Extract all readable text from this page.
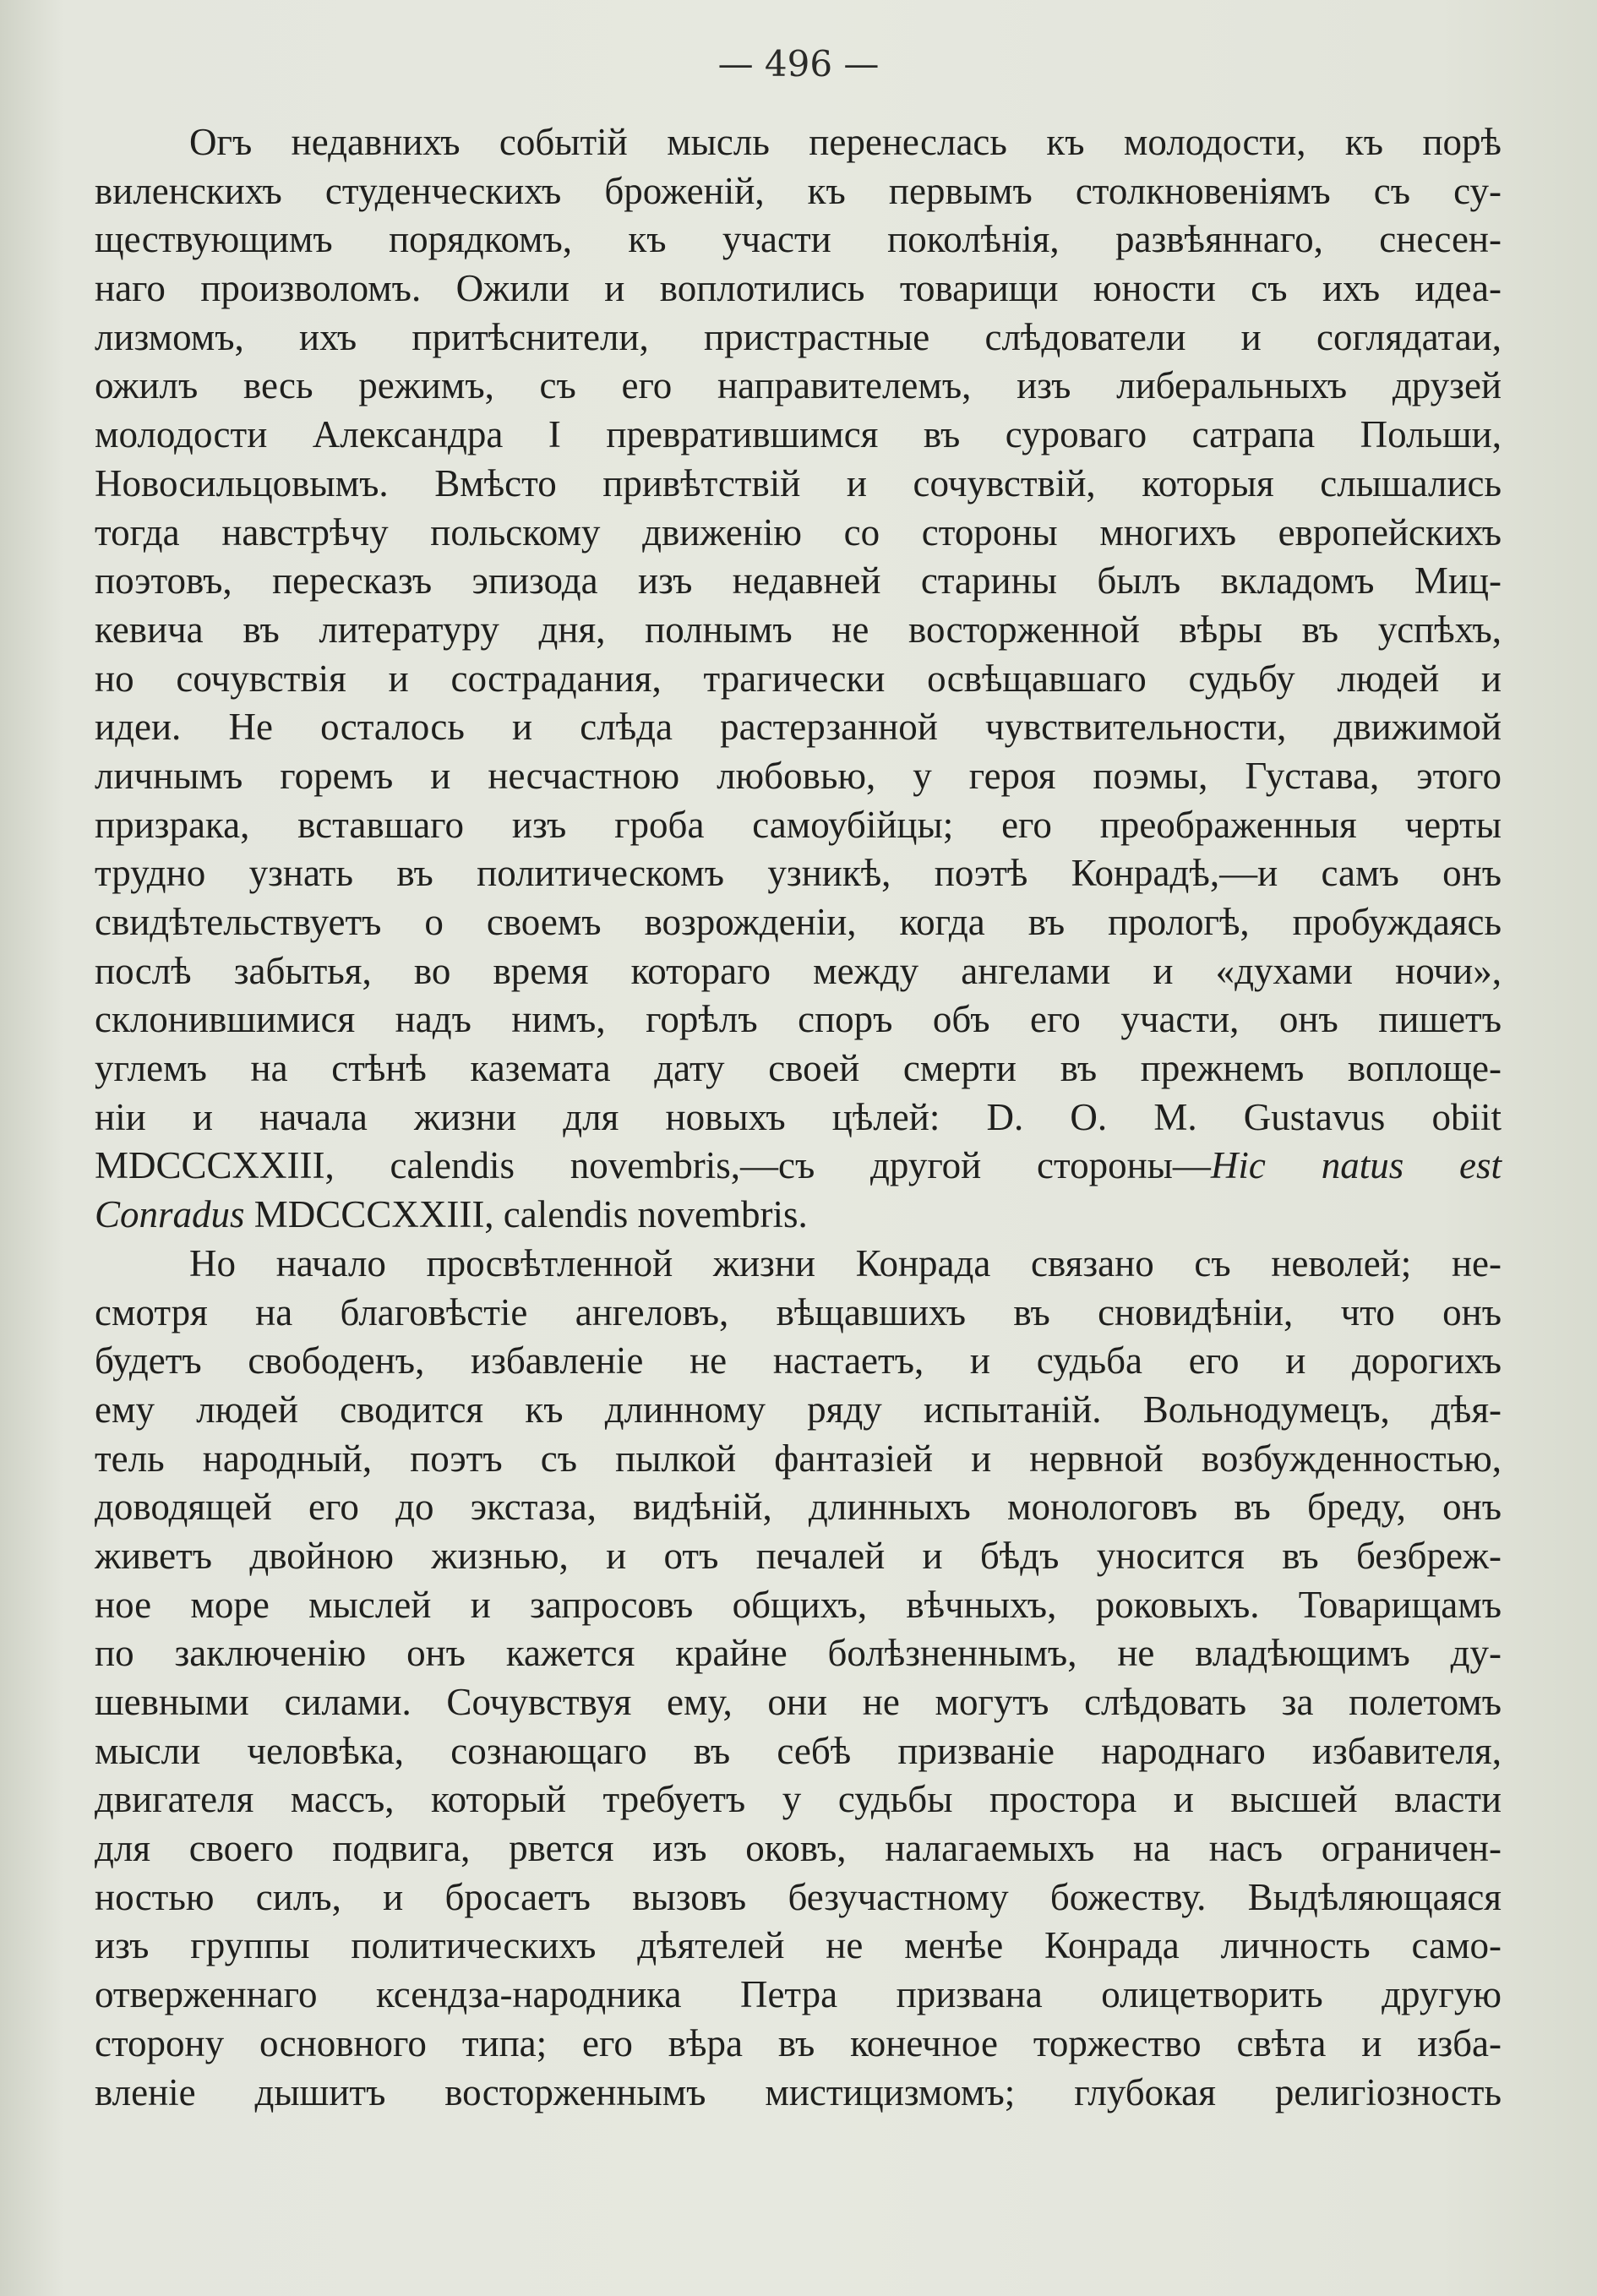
— 496 —
Огъ недавнихъ событій мысль перенеслась къ молодости, къ порѣ
виленскихъ студенческихъ броженій, къ первымъ столкновеніямъ съ су-
ществующимъ порядкомъ, къ участи поколѣнія, развѣяннаго, снесен-
наго произволомъ. Ожили и воплотились товарищи юности съ ихъ идеа-
лизмомъ, ихъ притѣснители, пристрастные слѣдователи и соглядатаи,
ожилъ весь режимъ, съ его направителемъ, изъ либеральныхъ друзей
молодости Александра I превратившимся въ суроваго сатрапа Польши,
Новосильцовымъ. Вмѣсто привѣтствій и сочувствій, которыя слышались
тогда навстрѣчу польскому движенію со стороны многихъ европейскихъ
поэтовъ, пересказъ эпизода изъ недавней старины былъ вкладомъ Миц-
кевича въ литературу дня, полнымъ не восторженной вѣры въ успѣхъ,
но сочувствія и сострадания, трагически освѣщавшаго судьбу людей и
идеи. Не осталось и слѣда растерзанной чувствительности, движимой
личнымъ горемъ и несчастною любовью, у героя поэмы, Густава, этого
призрака, вставшаго изъ гроба самоубійцы; его преображенныя черты
трудно узнать въ политическомъ узникѣ, поэтѣ Конрадѣ,—и самъ онъ
свидѣтельствуетъ о своемъ возрожденіи, когда въ прологѣ, пробуждаясь
послѣ забытья, во время котораго между ангелами и «духами ночи»,
склонившимися надъ нимъ, горѣлъ споръ объ его участи, онъ пишетъ
углемъ на стѣнѣ каземата дату своей смерти въ прежнемъ воплоще-
ніи и начала жизни для новыхъ цѣлей: D. O. M. Gustavus obiit
MDCCCXXIII, calendis novembris,—съ другой стороны—Hic natus est
Conradus MDCCCXXIII, calendis novembris.
Но начало просвѣтленной жизни Конрада связано съ неволей; не-
смотря на благовѣстіе ангеловъ, вѣщавшихъ въ сновидѣніи, что онъ
будетъ свободенъ, избавленіе не настаетъ, и судьба его и дорогихъ
ему людей сводится къ длинному ряду испытаній. Вольнодумецъ, дѣя-
тель народный, поэтъ съ пылкой фантазіей и нервной возбужденностью,
доводящей его до экстаза, видѣній, длинныхъ монологовъ въ бреду, онъ
живетъ двойною жизнью, и отъ печалей и бѣдъ уносится въ безбреж-
ное море мыслей и запросовъ общихъ, вѣчныхъ, роковыхъ. Товарищамъ
по заключенію онъ кажется крайне болѣзненнымъ, не владѣющимъ ду-
шевными силами. Сочувствуя ему, они не могутъ слѣдовать за полетомъ
мысли человѣка, сознающаго въ себѣ призваніе народнаго избавителя,
двигателя массъ, который требуетъ у судьбы простора и высшей власти
для своего подвига, рвется изъ оковъ, налагаемыхъ на насъ ограничен-
ностью силъ, и бросаетъ вызовъ безучастному божеству. Выдѣляющаяся
изъ группы политическихъ дѣятелей не менѣе Конрада личность само-
отверженнаго ксендза-народника Петра призвана олицетворить другую
сторону основного типа; его вѣра въ конечное торжество свѣта и изба-
вленіе дышитъ восторженнымъ мистицизмомъ; глубокая религіозность
